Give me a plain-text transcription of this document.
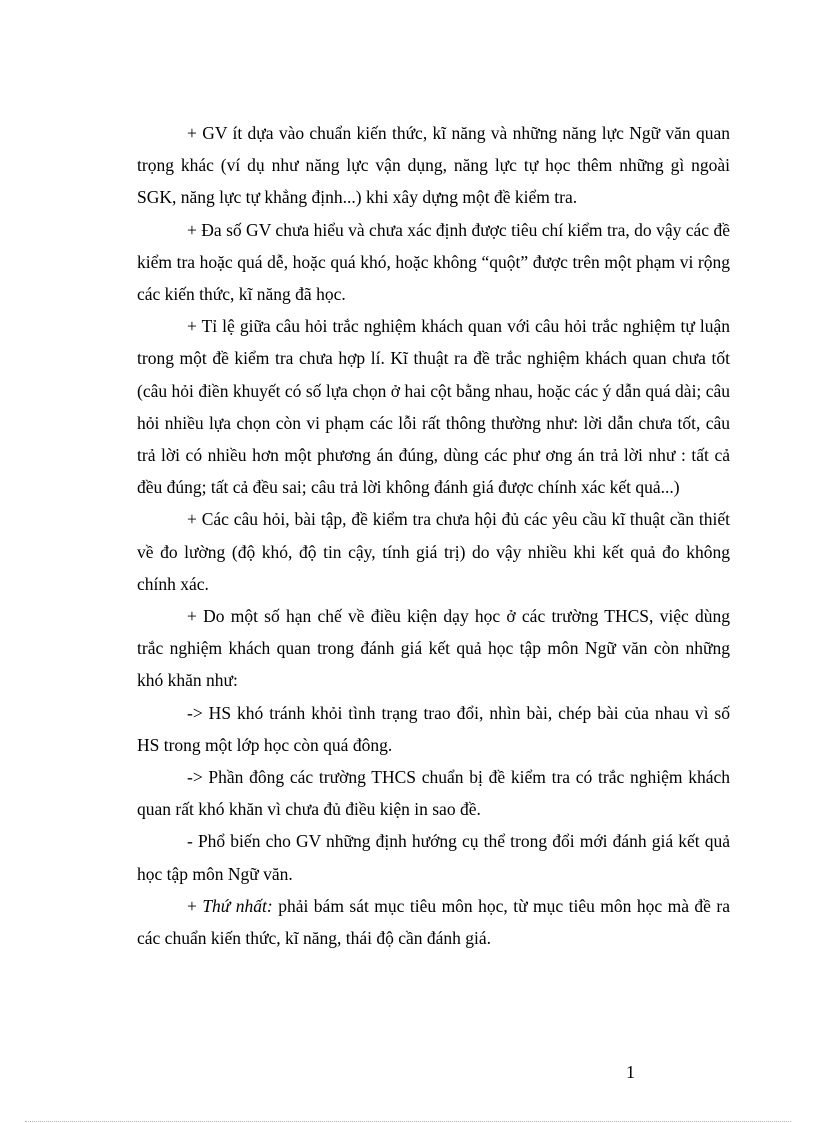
+ GV ít dựa vào chuẩn kiến thức, kĩ năng và những năng lực Ngữ văn quan trọng khác (ví dụ như năng lực vận dụng, năng lực tự học thêm những gì ngoài SGK, năng lực tự khẳng định...) khi xây dựng một đề kiểm tra.

+ Đa số GV chưa hiểu và chưa xác định được tiêu chí kiểm tra, do vậy các đề kiểm tra hoặc quá dễ, hoặc quá khó, hoặc không “quột” được trên một phạm vi rộng các kiến thức, kĩ năng đã học.

+ Tỉ lệ giữa câu hỏi trắc nghiệm khách quan với câu hỏi trắc nghiệm tự luận trong một đề kiểm tra chưa hợp lí. Kĩ thuật ra đề trắc nghiệm khách quan chưa tốt (câu hỏi điền khuyết có số lựa chọn ở hai cột bằng nhau, hoặc các ý dẫn quá dài; câu hỏi nhiều lựa chọn còn vi phạm các lỗi rất thông thường như: lời dẫn chưa tốt, câu trả lời có nhiều hơn một phương án đúng, dùng các phư ơng án trả lời như : tất cả đều đúng; tất cả đều sai; câu trả lời không đánh giá được chính xác kết quả...)

+ Các câu hỏi, bài tập, đề kiểm tra chưa hội đủ các yêu cầu kĩ thuật cần thiết về đo lường (độ khó, độ tin cậy, tính giá trị) do vậy nhiều khi kết quả đo không chính xác.

+ Do một số hạn chế về điều kiện dạy học ở các trường THCS, việc dùng trắc nghiệm khách quan trong đánh giá kết quả học tập môn Ngữ văn còn những khó khăn như:

-> HS khó tránh khỏi tình trạng trao đổi, nhìn bài, chép bài của nhau vì số HS trong một lớp học còn quá đông.

-> Phần đông các trường THCS chuẩn bị đề kiểm tra có trắc nghiệm khách quan rất khó khăn vì chưa đủ điều kiện in sao đề.

- Phổ biến cho GV những định hướng cụ thể trong đổi mới đánh giá kết quả học tập môn Ngữ văn.

+ Thứ nhất: phải bám sát mục tiêu môn học, từ mục tiêu môn học mà đề ra các chuẩn kiến thức, kĩ năng, thái độ cần đánh giá.

1
